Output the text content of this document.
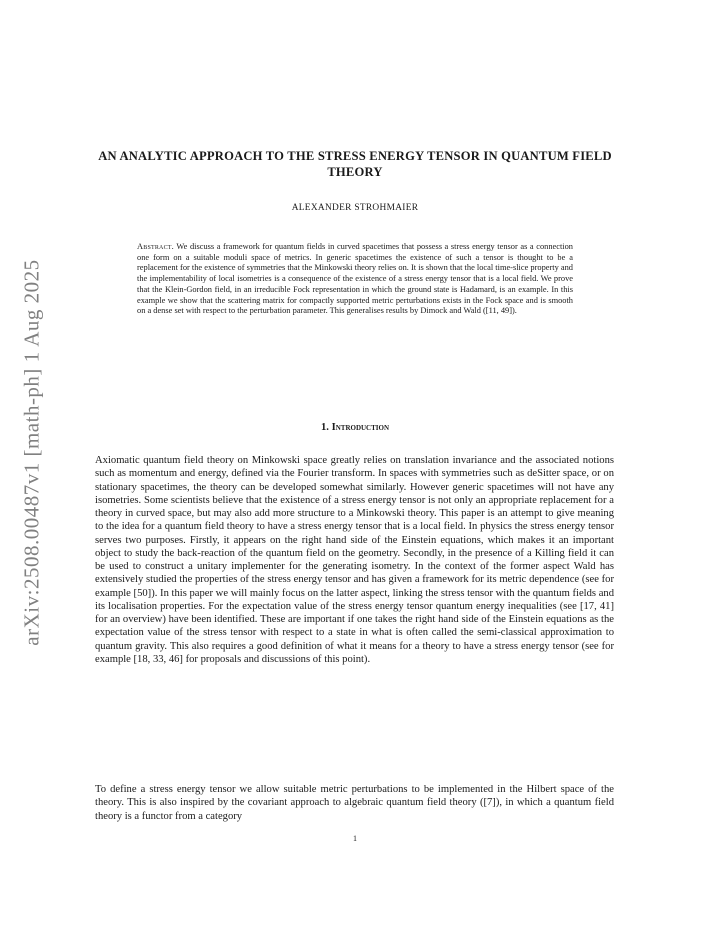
arXiv:2508.00487v1 [math-ph] 1 Aug 2025
AN ANALYTIC APPROACH TO THE STRESS ENERGY TENSOR IN QUANTUM FIELD THEORY

ALEXANDER STROHMAIER

Abstract. We discuss a framework for quantum fields in curved spacetimes that possess a stress energy tensor as a connection one form on a suitable moduli space of metrics. In generic spacetimes the existence of such a tensor is thought to be a replacement for the existence of symmetries that the Minkowski theory relies on. It is shown that the local time-slice property and the implementability of local isometries is a consequence of the existence of a stress energy tensor that is a local field. We prove that the Klein-Gordon field, in an irreducible Fock representation in which the ground state is Hadamard, is an example. In this example we show that the scattering matrix for compactly supported metric perturbations exists in the Fock space and is smooth on a dense set with respect to the perturbation parameter. This generalises results by Dimock and Wald ([11, 49]).

1. Introduction

Axiomatic quantum field theory on Minkowski space greatly relies on translation invariance and the associated notions such as momentum and energy, defined via the Fourier transform. In spaces with symmetries such as deSitter space, or on stationary spacetimes, the theory can be developed somewhat similarly. However generic spacetimes will not have any isometries. Some scientists believe that the existence of a stress energy tensor is not only an appropriate replacement for a theory in curved space, but may also add more structure to a Minkowski theory. This paper is an attempt to give meaning to the idea for a quantum field theory to have a stress energy tensor that is a local field. In physics the stress energy tensor serves two purposes. Firstly, it appears on the right hand side of the Einstein equations, which makes it an important object to study the back-reaction of the quantum field on the geometry. Secondly, in the presence of a Killing field it can be used to construct a unitary implementer for the generating isometry. In the context of the former aspect Wald has extensively studied the properties of the stress energy tensor and has given a framework for its metric dependence (see for example [50]). In this paper we will mainly focus on the latter aspect, linking the stress tensor with the quantum fields and its localisation properties. For the expectation value of the stress energy tensor quantum energy inequalities (see [17, 41] for an overview) have been identified. These are important if one takes the right hand side of the Einstein equations as the expectation value of the stress tensor with respect to a state in what is often called the semi-classical approximation to quantum gravity. This also requires a good definition of what it means for a theory to have a stress energy tensor (see for example [18, 33, 46] for proposals and discussions of this point).

To define a stress energy tensor we allow suitable metric perturbations to be implemented in the Hilbert space of the theory. This is also inspired by the covariant approach to algebraic quantum field theory ([7]), in which a quantum field theory is a functor from a category

1
